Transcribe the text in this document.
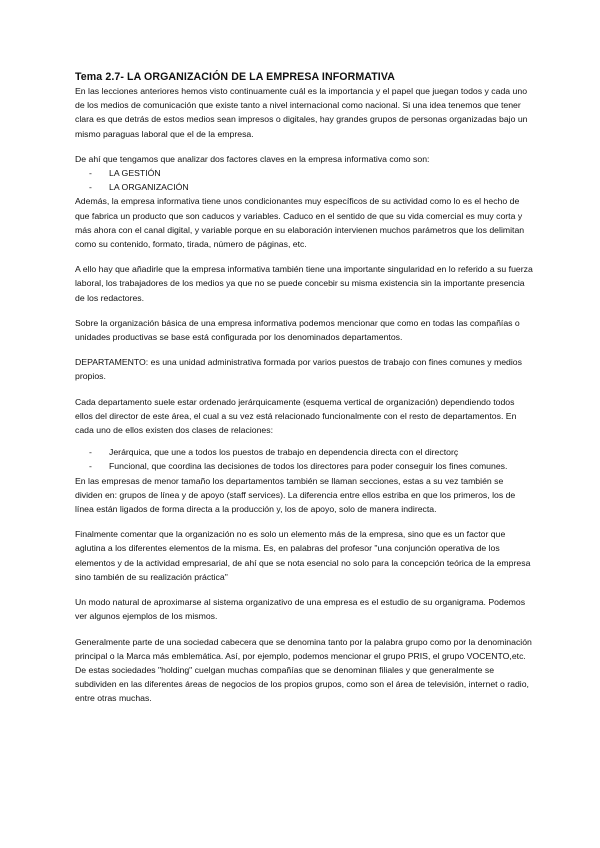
Tema 2.7- LA ORGANIZACIÓN DE LA EMPRESA INFORMATIVA

En las lecciones anteriores hemos visto continuamente cuál es la importancia y el papel que juegan todos y cada uno de los medios de comunicación que existe tanto a nivel internacional como nacional. Si una idea tenemos que tener clara es que detrás de estos medios sean impresos o digitales, hay grandes grupos de personas organizadas bajo un mismo paraguas laboral que el de la empresa.

De ahí que tengamos que analizar dos factores claves en la empresa informativa como son:

- LA GESTIÓN
- LA ORGANIZACIÓN

Además, la empresa informativa tiene unos condicionantes muy específicos de su actividad como lo es el hecho de que fabrica un producto que son caducos y variables. Caduco en el sentido de que su vida comercial es muy corta y más ahora con el canal digital, y variable porque en su elaboración intervienen muchos parámetros que los delimitan como su contenido, formato, tirada, número de páginas, etc.

A ello hay que añadirle que la empresa informativa también tiene una importante singularidad en lo referido a su fuerza laboral, los trabajadores de los medios ya que no se puede concebir su misma existencia sin la importante presencia de los redactores.

Sobre la organización básica de una empresa informativa podemos mencionar que como en todas las compañías o unidades productivas se base está configurada por los denominados departamentos.

DEPARTAMENTO: es una unidad administrativa formada por varios puestos de trabajo con fines comunes y medios propios.

Cada departamento suele estar ordenado jerárquicamente (esquema vertical de organización) dependiendo todos ellos del director de este área, el cual a su vez está relacionado funcionalmente con el resto de departamentos. En cada uno de ellos existen dos clases de relaciones:

- Jerárquica, que une a todos los puestos de trabajo en dependencia directa con el directorç
- Funcional, que coordina las decisiones de todos los directores para poder conseguir los fines comunes.

En las empresas de menor tamaño los departamentos también se llaman secciones, estas a su vez también se dividen en: grupos de línea y de apoyo (staff services). La diferencia entre ellos estriba en que los primeros, los de línea están ligados de forma directa a la producción y, los de apoyo, solo de manera indirecta.

Finalmente comentar que la organización no es solo un elemento más de la empresa, sino que es un factor que aglutina a los diferentes elementos de la misma. Es, en palabras del profesor "una conjunción operativa de los elementos y de la actividad empresarial, de ahí que se nota esencial no solo para la concepción teórica de la empresa sino también de su realización práctica"

Un modo natural de aproximarse al sistema organizativo de una empresa es el estudio de su organigrama. Podemos ver algunos ejemplos de los mismos.

Generalmente parte de una sociedad cabecera que se denomina tanto por la palabra grupo como por la denominación principal o la Marca más emblemática. Así, por ejemplo, podemos mencionar el grupo PRIS, el grupo VOCENTO,etc. De estas sociedades "holding" cuelgan muchas compañías que se denominan filiales y que generalmente se subdividen en las diferentes áreas de negocios de los propios grupos, como son el área de televisión, internet o radio, entre otras muchas.
